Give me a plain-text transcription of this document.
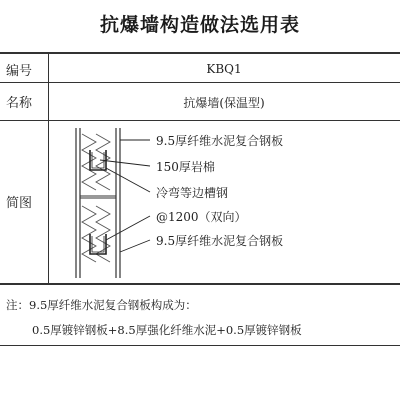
抗爆墙构造做法选用表
编号	KBQ1
名称	抗爆墙(保温型)
简图
9.5厚纤维水泥复合钢板
150厚岩棉
冷弯等边槽钢
@1200（双向）
9.5厚纤维水泥复合钢板
注：9.5厚纤维水泥复合钢板构成为：
0.5厚镀锌钢板+8.5厚强化纤维水泥+0.5厚镀锌钢板
